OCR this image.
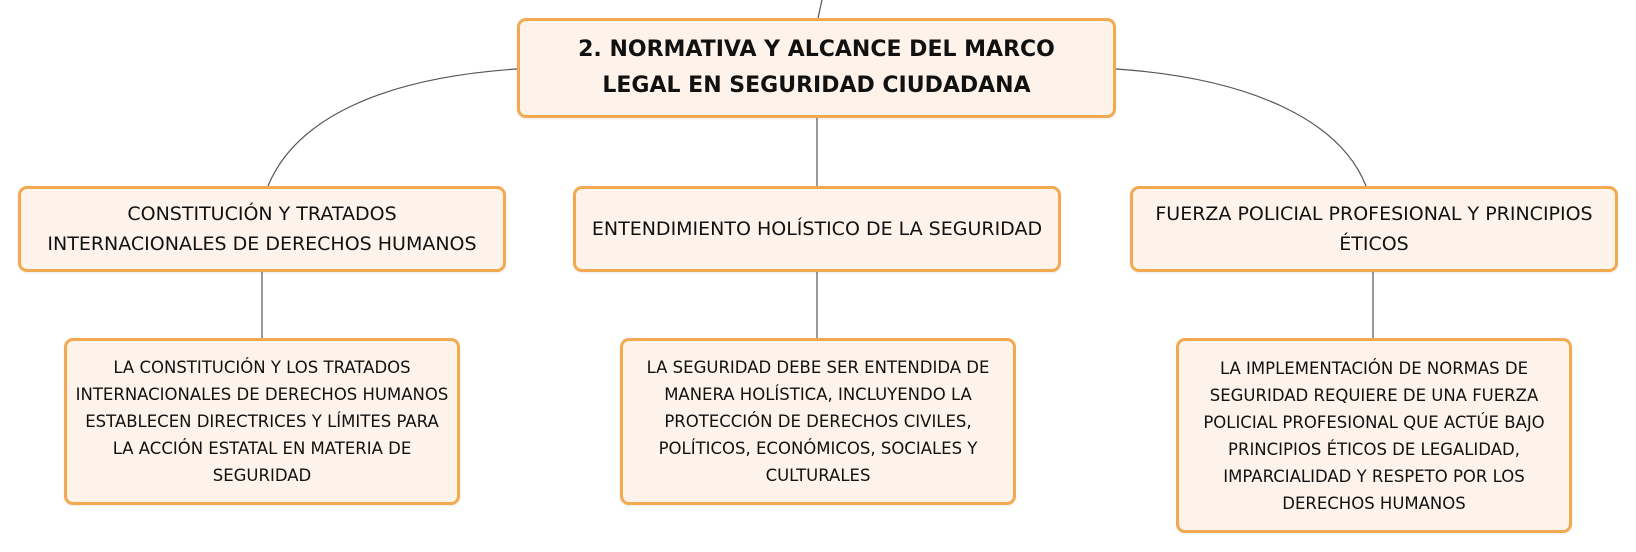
2. NORMATIVA Y ALCANCE DEL MARCO LEGAL EN SEGURIDAD CIUDADANA
CONSTITUCIÓN Y TRATADOS INTERNACIONALES DE DERECHOS HUMANOS
ENTENDIMIENTO HOLÍSTICO DE LA SEGURIDAD
FUERZA POLICIAL PROFESIONAL Y PRINCIPIOS ÉTICOS
LA CONSTITUCIÓN Y LOS TRATADOS INTERNACIONALES DE DERECHOS HUMANOS ESTABLECEN DIRECTRICES Y LÍMITES PARA LA ACCIÓN ESTATAL EN MATERIA DE SEGURIDAD
LA SEGURIDAD DEBE SER ENTENDIDA DE MANERA HOLÍSTICA, INCLUYENDO LA PROTECCIÓN DE DERECHOS CIVILES, POLÍTICOS, ECONÓMICOS, SOCIALES Y CULTURALES
LA IMPLEMENTACIÓN DE NORMAS DE SEGURIDAD REQUIERE DE UNA FUERZA POLICIAL PROFESIONAL QUE ACTÚE BAJO PRINCIPIOS ÉTICOS DE LEGALIDAD, IMPARCIALIDAD Y RESPETO POR LOS DERECHOS HUMANOS
